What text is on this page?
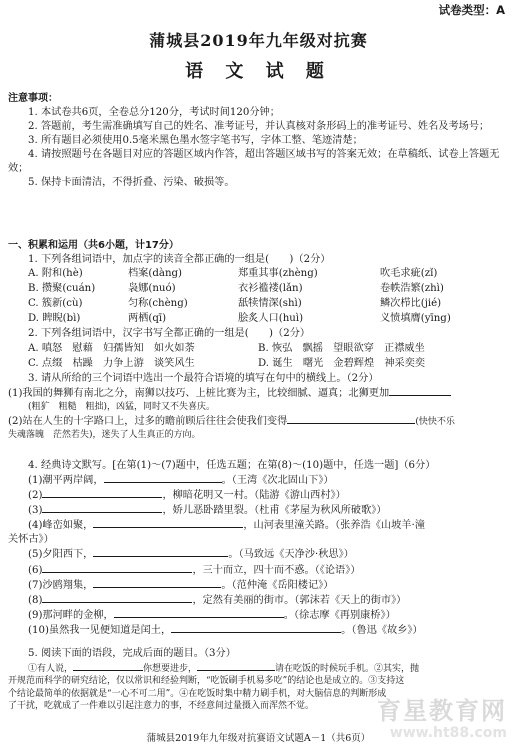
试卷类型：A
蒲城县2019年九年级对抗赛
语 文 试 题

注意事项：

1. 本试卷共6页，全卷总分120分，考试时间120分钟；

2. 答题前，考生需准确填写自己的姓名、准考证号，并认真核对条形码上的准考证号、姓名及考场号；

3. 所有题目必须使用0.5毫米黑色墨水签字笔书写，字体工整、笔迹清楚；

4. 请按照题号在各题目对应的答题区域内作答，超出答题区域书写的答案无效；在草稿纸、试卷上答题无效；

5. 保持卡面清洁，不得折叠、污染、破损等。

一、积累和运用（共6小题，计17分）

1. 下列各组词语中，加点字的读音全都正确的一组是(　　)（2分）

A. 附和(hè)	档案(dàng)	郑重其事(zhèng)	吹毛求疵(zǐ)
B. 攒聚(cuán)	袅娜(nuó)	衣衫褴褛(lǎn)	卷帙浩繁(zhì)
C. 簇新(cù)	匀称(chèng)	舐犊情深(shì)	鳞次栉比(jié)
D. 睥睨(bì)	两栖(qī)	脍炙人口(huì)	义愤填膺(yīng)

2. 下列各组词语中，汉字书写全都正确的一组是(　　)（2分）

A. 嗔怒　慰藉　妇孺皆知　如火如荼	B. 恢弘　飘摇　望眼欲穿　正襟威坐
C. 点缀　枯躁　力争上游　谈笑风生	D. 诞生　曙光　金碧辉煌　神采奕奕

3. 请从所给的三个词语中选出一个最符合语境的填写在句中的横线上。（2分）

(1)我国的舞狮有南北之分，南狮以技巧、上桩比赛为主，比较细腻、逼真；北狮更加

(粗犷　粗糙　粗拙)，凶猛，同时又不失喜庆。

(2)站在人生的十字路口上，过多的瞻前顾后往往会使我们变得	(快快不乐

失魂落魄　茫然若失)，迷失了人生真正的方向。

4. 经典诗文默写。[在第(1)～(7)题中，任选五题；在第(8)～(10)题中，任选一题]（6分）

(1)潮平两岸阔，	。（王湾《次北固山下》）

(2)	，柳暗花明又一村。（陆游《游山西村》）

(3)	，娇儿恶卧踏里裂。（杜甫《茅屋为秋风所破歌》）

(4)峰峦如聚，	，山河表里潼关路。（张养浩《山坡羊·潼

关怀古》）

(5)夕阳西下，	。（马致远《天净沙·秋思》）

(6)	，三十而立，四十而不惑。（《论语》）

(7)沙鸥翔集，	。（范仲淹《岳阳楼记》）

(8)	，定然有美丽的街市。（郭沫若《天上的街市》）

(9)那河畔的金柳，	。（徐志摩《再别康桥》）

(10)虽然我一见便知道是闰土，	。（鲁迅《故乡》）

5. 阅读下面的语段，完成后面的题目。（3分）

①有人说，	你想要进步，	请在吃饭的时候玩手机。②其实，抛

开规范而科学的研究结论，仅以常识和经验判断，“吃饭刷手机易多吃”的结论也是成立的。③支持这

个结论最简单的依据就是“一心不可二用”。④在吃饭时集中精力刷手机，对大脑信息的判断形成

了干扰，吃就成了一件难以引起注意力的事，不经意间过量摄入而浑然不觉。

蒲城县2019年九年级对抗赛语文试题A－1（共6页）
育星教育网
www.ht88.com
